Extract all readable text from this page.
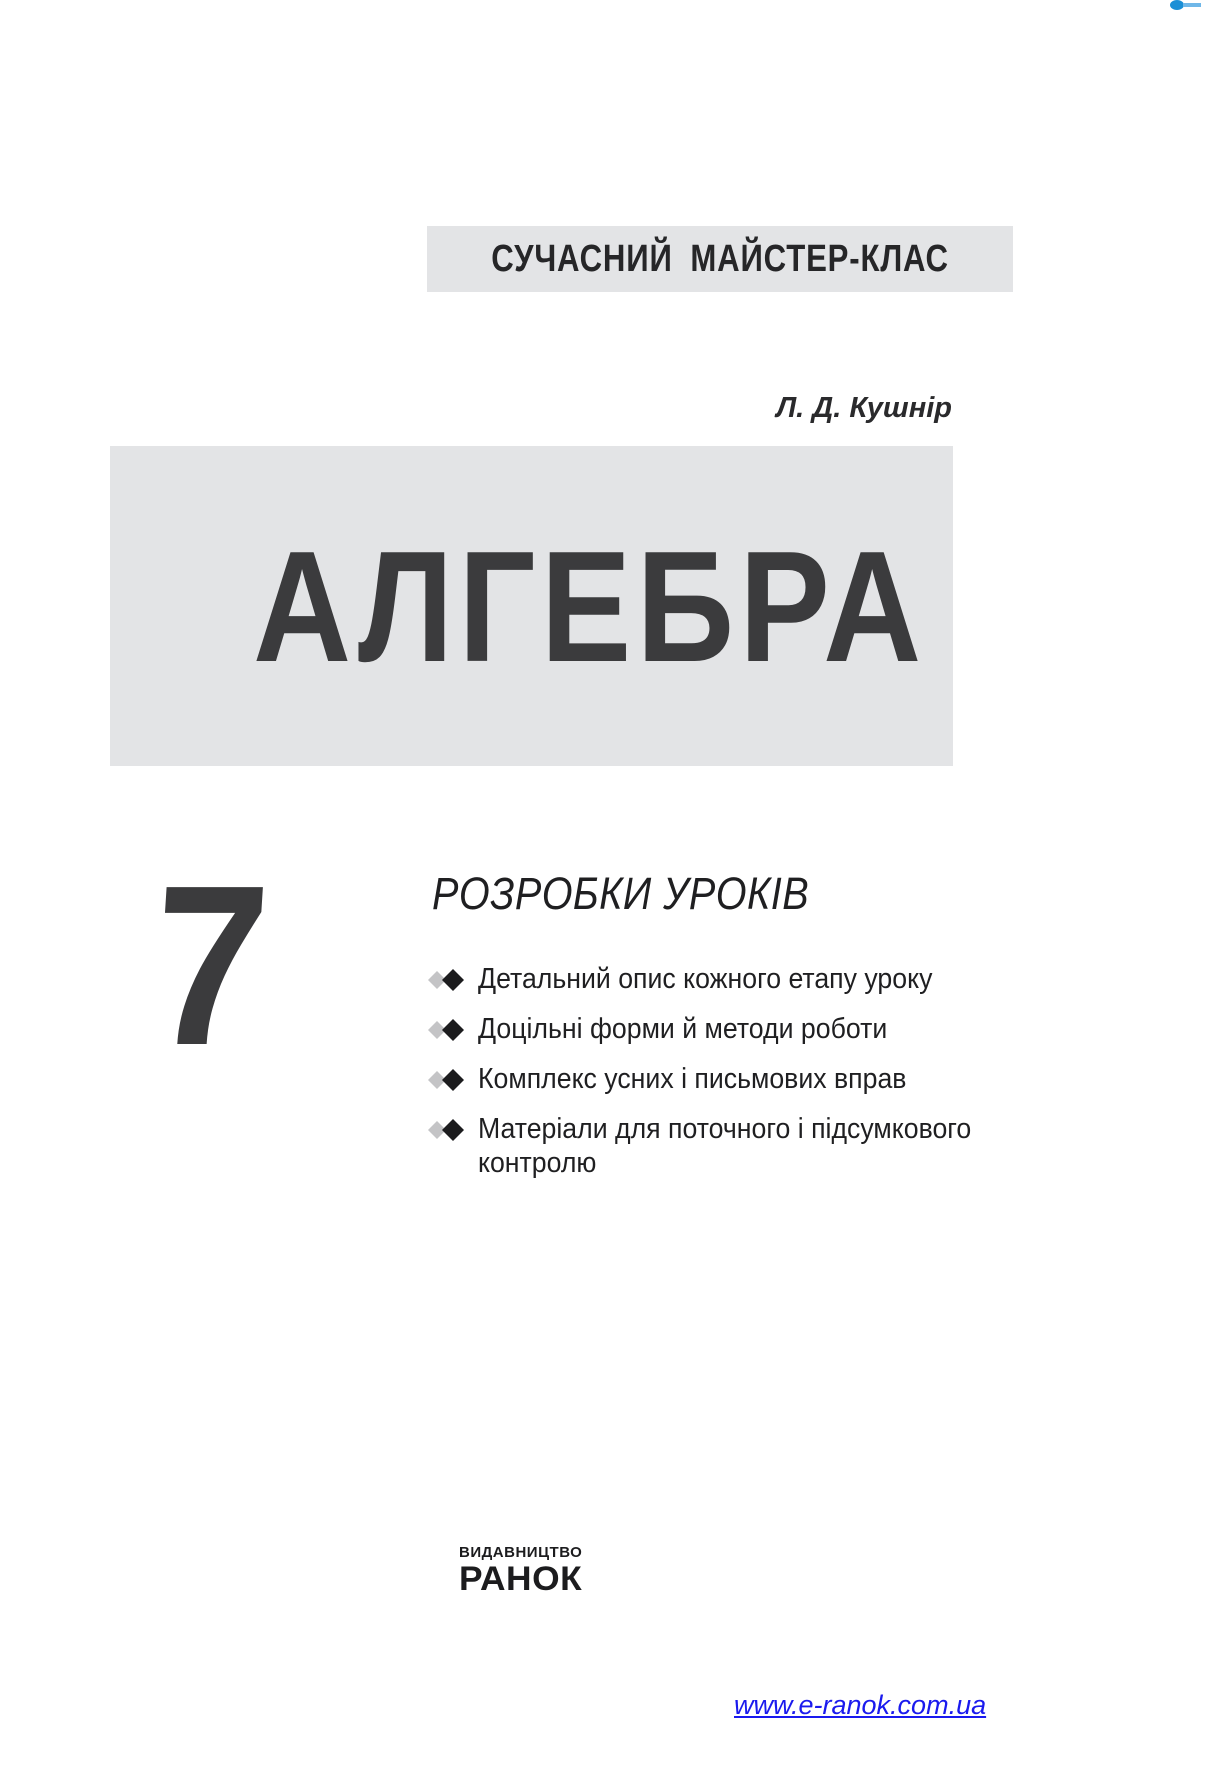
СУЧАСНИЙ МАЙСТЕР-КЛАС
Л. Д. Кушнір
АЛГЕБРА
7	РОЗРОБКИ УРОКІВ
Детальний опис кожного етапу уроку
Доцільні форми й методи роботи
Комплекс усних і письмових вправ
Матеріали для поточного і підсумкового контролю
ВИДАВНИЦТВО
РАНОК
www.e-ranok.com.ua
